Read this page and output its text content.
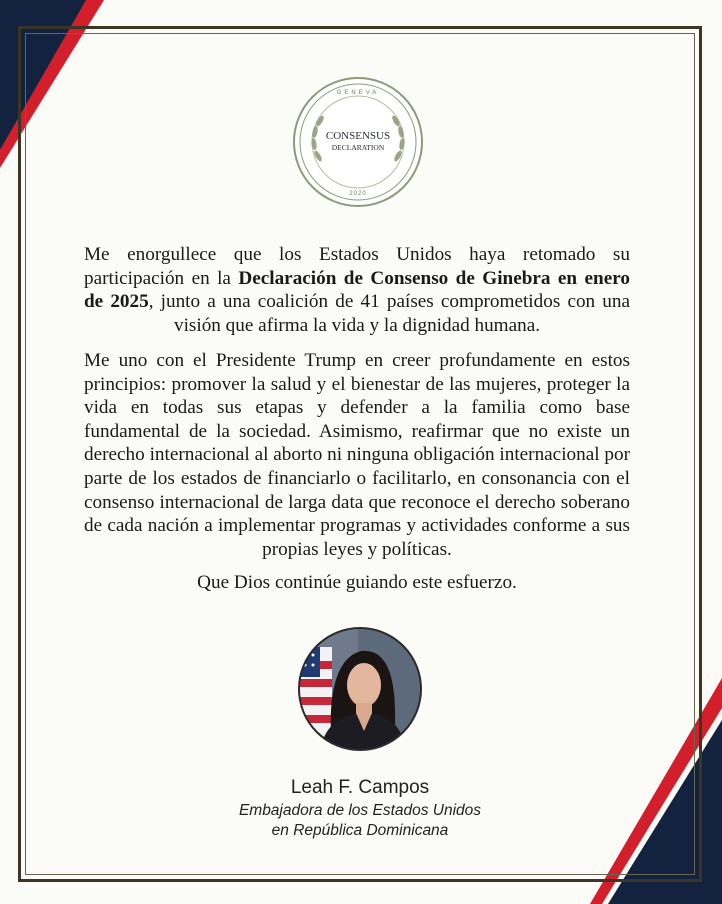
GENEVA
CONSENSUS
DECLARATION
2020
Me enorgullece que los Estados Unidos haya retomado su participación en la Declaración de Consenso de Ginebra en enero de 2025, junto a una coalición de 41 países comprometidos con una visión que afirma la vida y la dignidad humana.
Me uno con el Presidente Trump en creer profundamente en estos principios: promover la salud y el bienestar de las mujeres, proteger la vida en todas sus etapas y defender a la familia como base fundamental de la sociedad. Asimismo, reafirmar que no existe un derecho internacional al aborto ni ninguna obligación internacional por parte de los estados de financiarlo o facilitarlo, en consonancia con el consenso internacional de larga data que reconoce el derecho soberano de cada nación a implementar programas y actividades conforme a sus propias leyes y políticas.
Que Dios continúe guiando este esfuerzo.
Leah F. Campos
Embajadora de los Estados Unidos
en República Dominicana
